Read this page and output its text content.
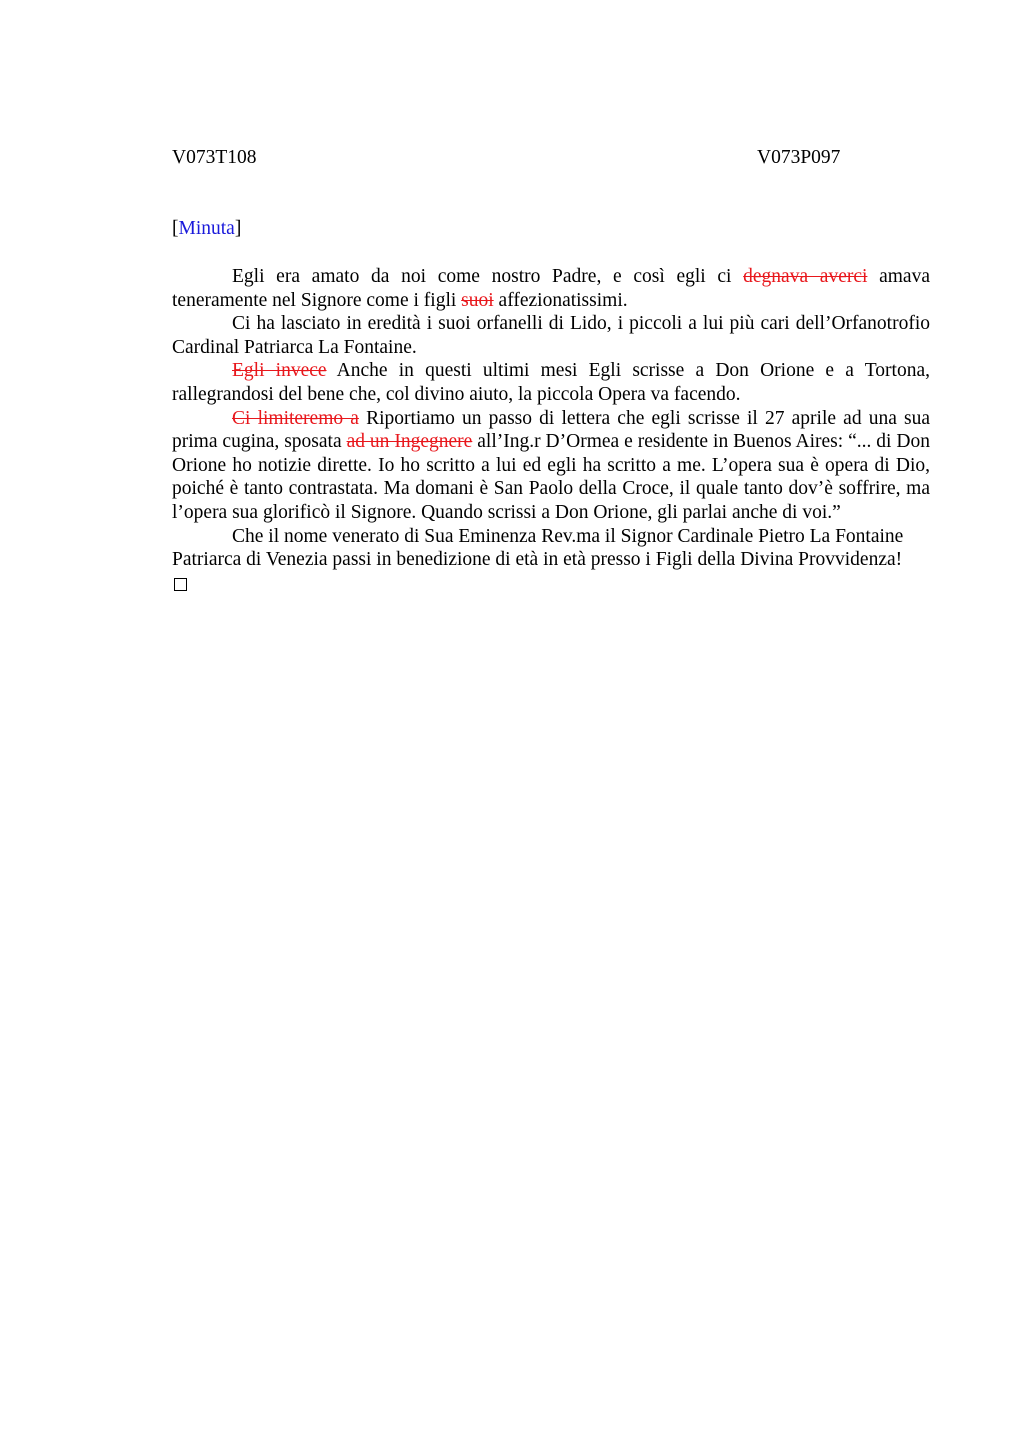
V073T108	V073P097
[Minuta]

Egli era amato da noi come nostro Padre, e così egli ci degnava averci amava teneramente nel Signore come i figli suoi affezionatissimi.

Ci ha lasciato in eredità i suoi orfanelli di Lido, i piccoli a lui più cari dell’Orfanotrofio Cardinal Patriarca La Fontaine.

Egli invece Anche in questi ultimi mesi Egli scrisse a Don Orione e a Tortona, rallegrandosi del bene che, col divino aiuto, la piccola Opera va facendo.

Ci limiteremo a Riportiamo un passo di lettera che egli scrisse il 27 aprile ad una sua prima cugina, sposata ad un Ingegnere all’Ing.r D’Ormea e residente in Buenos Aires: “... di Don Orione ho notizie dirette. Io ho scritto a lui ed egli ha scritto a me. L’opera sua è opera di Dio, poiché è tanto contrastata. Ma domani è San Paolo della Croce, il quale tanto dov’è soffrire, ma l’opera sua glorificò il Signore. Quando scrissi a Don Orione, gli parlai anche di voi.”

Che il nome venerato di Sua Eminenza Rev.ma il Signor Cardinale Pietro La Fontaine Patriarca di Venezia passi in benedizione di età in età presso i Figli della Divina Provvidenza!
